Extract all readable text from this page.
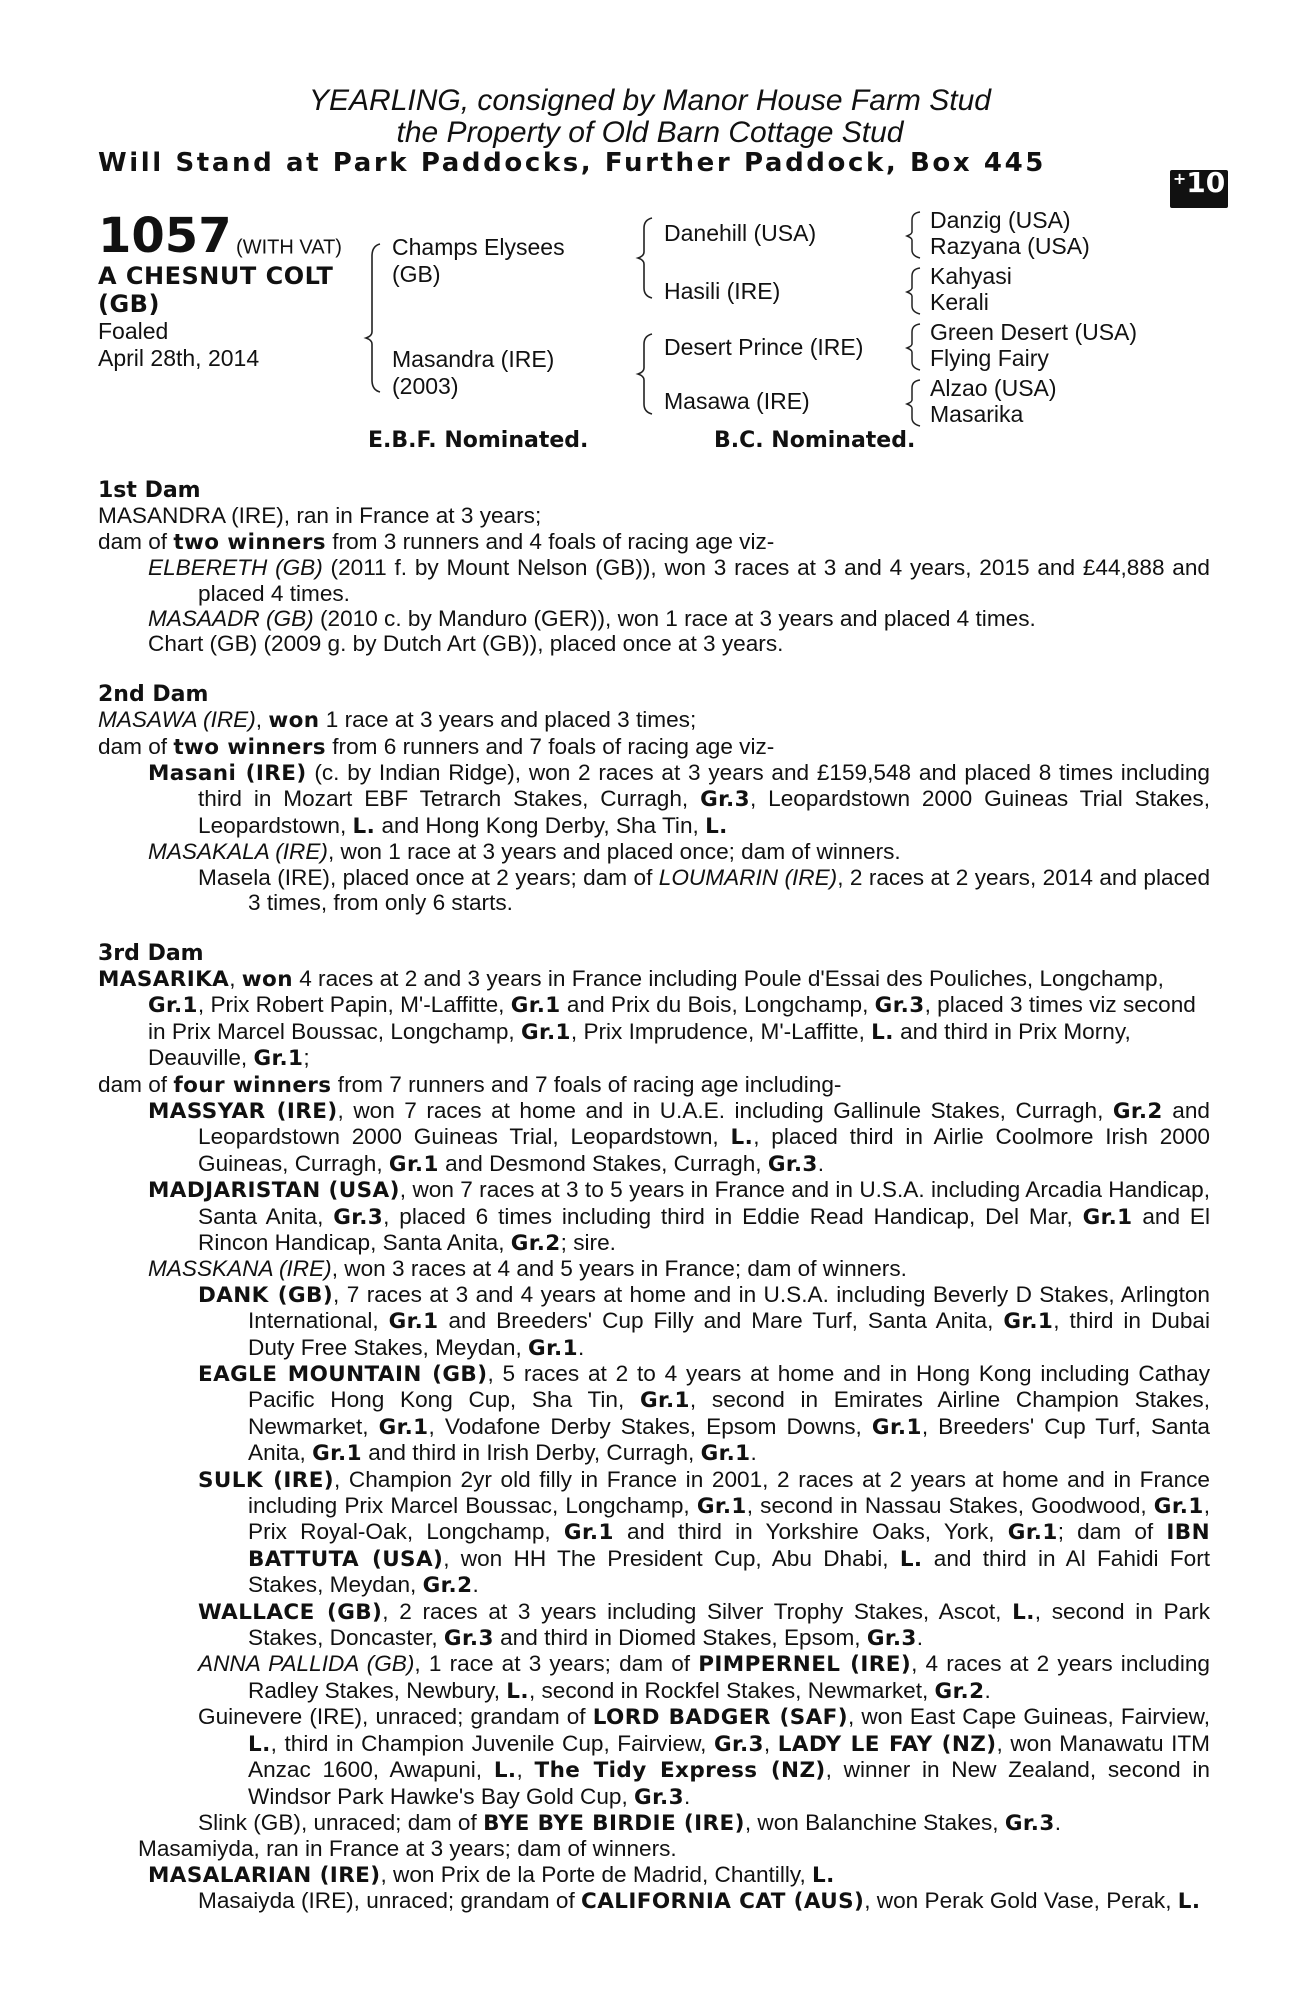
YEARLING, consigned by Manor House Farm Stud
the Property of Old Barn Cottage Stud
Will Stand at Park Paddocks, Further Paddock, Box 445
+10
1057 (WITH VAT)
A CHESNUT COLT
(GB)
Foaled
April 28th, 2014
Champs Elysees
(GB)
Masandra (IRE)
(2003)
Danehill (USA)
Hasili (IRE)
Desert Prince (IRE)
Masawa (IRE)
Danzig (USA)
Razyana (USA)
Kahyasi
Kerali
Green Desert (USA)
Flying Fairy
Alzao (USA)
Masarika
E.B.F. Nominated.	B.C. Nominated.

1st Dam

MASANDRA (IRE), ran in France at 3 years;

dam of two winners from 3 runners and 4 foals of racing age viz-

ELBERETH (GB) (2011 f. by Mount Nelson (GB)), won 3 races at 3 and 4 years, 2015 and £44,888 and placed 4 times.

MASAADR (GB) (2010 c. by Manduro (GER)), won 1 race at 3 years and placed 4 times.

Chart (GB) (2009 g. by Dutch Art (GB)), placed once at 3 years.

2nd Dam

MASAWA (IRE), won 1 race at 3 years and placed 3 times;

dam of two winners from 6 runners and 7 foals of racing age viz-

Masani (IRE) (c. by Indian Ridge), won 2 races at 3 years and £159,548 and placed 8 times including third in Mozart EBF Tetrarch Stakes, Curragh, Gr.3, Leopardstown 2000 Guineas Trial Stakes, Leopardstown, L. and Hong Kong Derby, Sha Tin, L.

MASAKALA (IRE), won 1 race at 3 years and placed once; dam of winners.

Masela (IRE), placed once at 2 years; dam of LOUMARIN (IRE), 2 races at 2 years, 2014 and placed 3 times, from only 6 starts.

3rd Dam

MASARIKA, won 4 races at 2 and 3 years in France including Poule d'Essai des Pouliches, Longchamp, Gr.1, Prix Robert Papin, M'-Laffitte, Gr.1 and Prix du Bois, Longchamp, Gr.3, placed 3 times viz second in Prix Marcel Boussac, Longchamp, Gr.1, Prix Imprudence, M'-Laffitte, L. and third in Prix Morny, Deauville, Gr.1;

dam of four winners from 7 runners and 7 foals of racing age including-

MASSYAR (IRE), won 7 races at home and in U.A.E. including Gallinule Stakes, Curragh, Gr.2 and Leopardstown 2000 Guineas Trial, Leopardstown, L., placed third in Airlie Coolmore Irish 2000 Guineas, Curragh, Gr.1 and Desmond Stakes, Curragh, Gr.3.

MADJARISTAN (USA), won 7 races at 3 to 5 years in France and in U.S.A. including Arcadia Handicap, Santa Anita, Gr.3, placed 6 times including third in Eddie Read Handicap, Del Mar, Gr.1 and El Rincon Handicap, Santa Anita, Gr.2; sire.

MASSKANA (IRE), won 3 races at 4 and 5 years in France; dam of winners.

DANK (GB), 7 races at 3 and 4 years at home and in U.S.A. including Beverly D Stakes, Arlington International, Gr.1 and Breeders' Cup Filly and Mare Turf, Santa Anita, Gr.1, third in Dubai Duty Free Stakes, Meydan, Gr.1.

EAGLE MOUNTAIN (GB), 5 races at 2 to 4 years at home and in Hong Kong including Cathay Pacific Hong Kong Cup, Sha Tin, Gr.1, second in Emirates Airline Champion Stakes, Newmarket, Gr.1, Vodafone Derby Stakes, Epsom Downs, Gr.1, Breeders' Cup Turf, Santa Anita, Gr.1 and third in Irish Derby, Curragh, Gr.1.

SULK (IRE), Champion 2yr old filly in France in 2001, 2 races at 2 years at home and in France including Prix Marcel Boussac, Longchamp, Gr.1, second in Nassau Stakes, Goodwood, Gr.1, Prix Royal-Oak, Longchamp, Gr.1 and third in Yorkshire Oaks, York, Gr.1; dam of IBN BATTUTA (USA), won HH The President Cup, Abu Dhabi, L. and third in Al Fahidi Fort Stakes, Meydan, Gr.2.

WALLACE (GB), 2 races at 3 years including Silver Trophy Stakes, Ascot, L., second in Park Stakes, Doncaster, Gr.3 and third in Diomed Stakes, Epsom, Gr.3.

ANNA PALLIDA (GB), 1 race at 3 years; dam of PIMPERNEL (IRE), 4 races at 2 years including Radley Stakes, Newbury, L., second in Rockfel Stakes, Newmarket, Gr.2.

Guinevere (IRE), unraced; grandam of LORD BADGER (SAF), won East Cape Guineas, Fairview, L., third in Champion Juvenile Cup, Fairview, Gr.3, LADY LE FAY (NZ), won Manawatu ITM Anzac 1600, Awapuni, L., The Tidy Express (NZ), winner in New Zealand, second in Windsor Park Hawke's Bay Gold Cup, Gr.3.

Slink (GB), unraced; dam of BYE BYE BIRDIE (IRE), won Balanchine Stakes, Gr.3.

Masamiyda, ran in France at 3 years; dam of winners.

MASALARIAN (IRE), won Prix de la Porte de Madrid, Chantilly, L.

Masaiyda (IRE), unraced; grandam of CALIFORNIA CAT (AUS), won Perak Gold Vase, Perak, L.
